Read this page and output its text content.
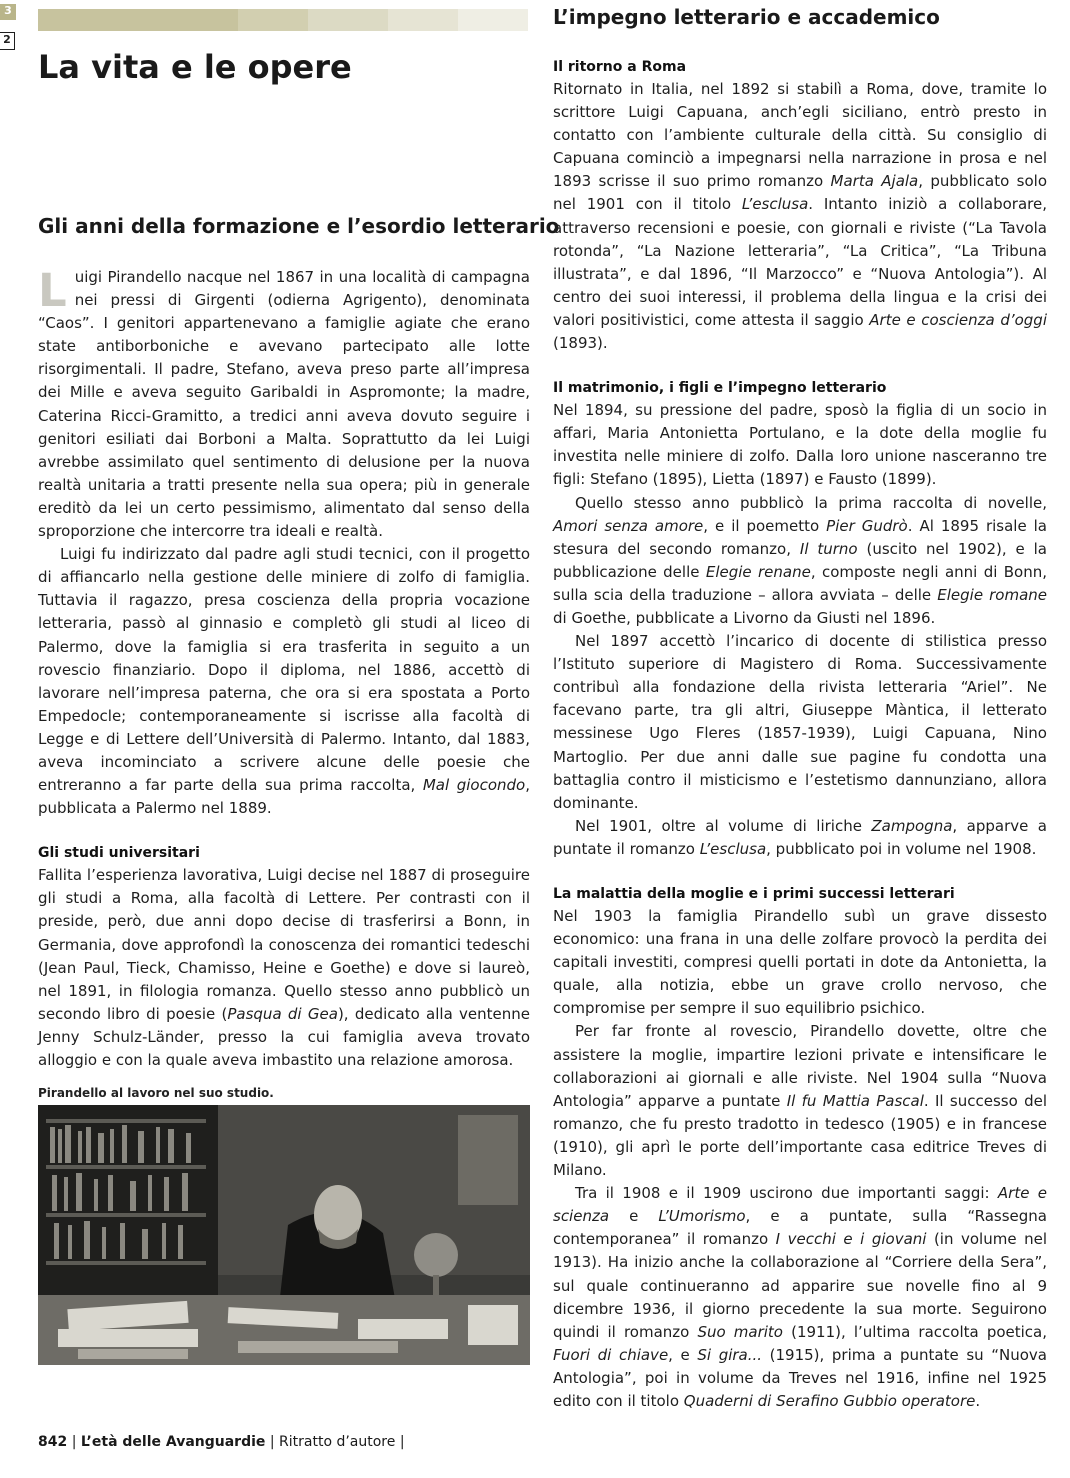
3
2
La vita e le opere
Gli anni della formazione e l’esordio letterario

Luigi Pirandello nacque nel 1867 in una località di campagna nei pressi di Girgenti (odierna Agrigento), denominata “Caos”. I genitori appartenevano a famiglie agiate che erano state antiborboniche e avevano partecipato alle lotte risorgimentali. Il padre, Stefano, aveva preso parte all’impresa dei Mille e aveva seguito Garibaldi in Aspromonte; la madre, Caterina Ricci-Gramitto, a tredici anni aveva dovuto seguire i genitori esiliati dai Borboni a Malta. Soprattutto da lei Luigi avrebbe assimilato quel sentimento di delusione per la nuova realtà unitaria a tratti presente nella sua opera; più in generale ereditò da lei un certo pessimismo, alimentato dal senso della sproporzione che intercorre tra ideali e realtà.

Luigi fu indirizzato dal padre agli studi tecnici, con il progetto di affiancarlo nella gestione delle miniere di zolfo di famiglia. Tuttavia il ragazzo, presa coscienza della propria vocazione letteraria, passò al ginnasio e completò gli studi al liceo di Palermo, dove la famiglia si era trasferita in seguito a un rovescio finanziario. Dopo il diploma, nel 1886, accettò di lavorare nell’impresa paterna, che ora si era spostata a Porto Empedocle; contemporaneamente si iscrisse alla facoltà di Legge e di Lettere dell’Università di Palermo. Intanto, dal 1883, aveva incominciato a scrivere alcune delle poesie che entreranno a far parte della sua prima raccolta, Mal giocondo, pubblicata a Palermo nel 1889.

Gli studi universitari

Fallita l’esperienza lavorativa, Luigi decise nel 1887 di proseguire gli studi a Roma, alla facoltà di Lettere. Per contrasti con il preside, però, due anni dopo decise di trasferirsi a Bonn, in Germania, dove approfondì la conoscenza dei romantici tedeschi (Jean Paul, Tieck, Chamisso, Heine e Goethe) e dove si laureò, nel 1891, in filologia romanza. Quello stesso anno pubblicò un secondo libro di poesie (Pasqua di Gea), dedicato alla ventenne Jenny Schulz-Länder, presso la cui famiglia aveva trovato alloggio e con la quale aveva imbastito una relazione amorosa.

Pirandello al lavoro nel suo studio.
L’impegno letterario e accademico

Il ritorno a Roma

Ritornato in Italia, nel 1892 si stabilì a Roma, dove, tramite lo scrittore Luigi Capuana, anch’egli siciliano, entrò presto in contatto con l’ambiente culturale della città. Su consiglio di Capuana cominciò a impegnarsi nella narrazione in prosa e nel 1893 scrisse il suo primo romanzo Marta Ajala, pubblicato solo nel 1901 con il titolo L’esclusa. Intanto iniziò a collaborare, attraverso recensioni e poesie, con giornali e riviste (“La Tavola rotonda”, “La Nazione letteraria”, “La Critica”, “La Tribuna illustrata”, e dal 1896, “Il Marzocco” e “Nuova Antologia”). Al centro dei suoi interessi, il problema della lingua e la crisi dei valori positivistici, come attesta il saggio Arte e coscienza d’oggi (1893).

Il matrimonio, i figli e l’impegno letterario

Nel 1894, su pressione del padre, sposò la figlia di un socio in affari, Maria Antonietta Portulano, e la dote della moglie fu investita nelle miniere di zolfo. Dalla loro unione nasceranno tre figli: Stefano (1895), Lietta (1897) e Fausto (1899).

Quello stesso anno pubblicò la prima raccolta di novelle, Amori senza amore, e il poemetto Pier Gudrò. Al 1895 risale la stesura del secondo romanzo, Il turno (uscito nel 1902), e la pubblicazione delle Elegie renane, composte negli anni di Bonn, sulla scia della traduzione – allora avviata – delle Elegie romane di Goethe, pubblicate a Livorno da Giusti nel 1896.

Nel 1897 accettò l’incarico di docente di stilistica presso l’Istituto superiore di Magistero di Roma. Successivamente contribuì alla fondazione della rivista letteraria “Ariel”. Ne facevano parte, tra gli altri, Giuseppe Màntica, il letterato messinese Ugo Fleres (1857-1939), Luigi Capuana, Nino Martoglio. Per due anni dalle sue pagine fu condotta una battaglia contro il misticismo e l’estetismo dannunziano, allora dominante.

Nel 1901, oltre al volume di liriche Zampogna, apparve a puntate il romanzo L’esclusa, pubblicato poi in volume nel 1908.

La malattia della moglie e i primi successi letterari

Nel 1903 la famiglia Pirandello subì un grave dissesto economico: una frana in una delle zolfare provocò la perdita dei capitali investiti, compresi quelli portati in dote da Antonietta, la quale, alla notizia, ebbe un grave crollo nervoso, che compromise per sempre il suo equilibrio psichico.

Per far fronte al rovescio, Pirandello dovette, oltre che assistere la moglie, impartire lezioni private e intensificare le collaborazioni ai giornali e alle riviste. Nel 1904 sulla “Nuova Antologia” apparve a puntate Il fu Mattia Pascal. Il successo del romanzo, che fu presto tradotto in tedesco (1905) e in francese (1910), gli aprì le porte dell’importante casa editrice Treves di Milano.

Tra il 1908 e il 1909 uscirono due importanti saggi: Arte e scienza e L’Umorismo, e a puntate, sulla “Rassegna contemporanea” il romanzo I vecchi e i giovani (in volume nel 1913). Ha inizio anche la collaborazione al “Corriere della Sera”, sul quale continueranno ad apparire sue novelle fino al 9 dicembre 1936, il giorno precedente la sua morte. Seguirono quindi il romanzo Suo marito (1911), l’ultima raccolta poetica, Fuori di chiave, e Si gira... (1915), prima a puntate su “Nuova Antologia”, poi in volume da Treves nel 1916, infine nel 1925 edito con il titolo Quaderni di Serafino Gubbio operatore.

842 | L’età delle Avanguardie | Ritratto d’autore |
